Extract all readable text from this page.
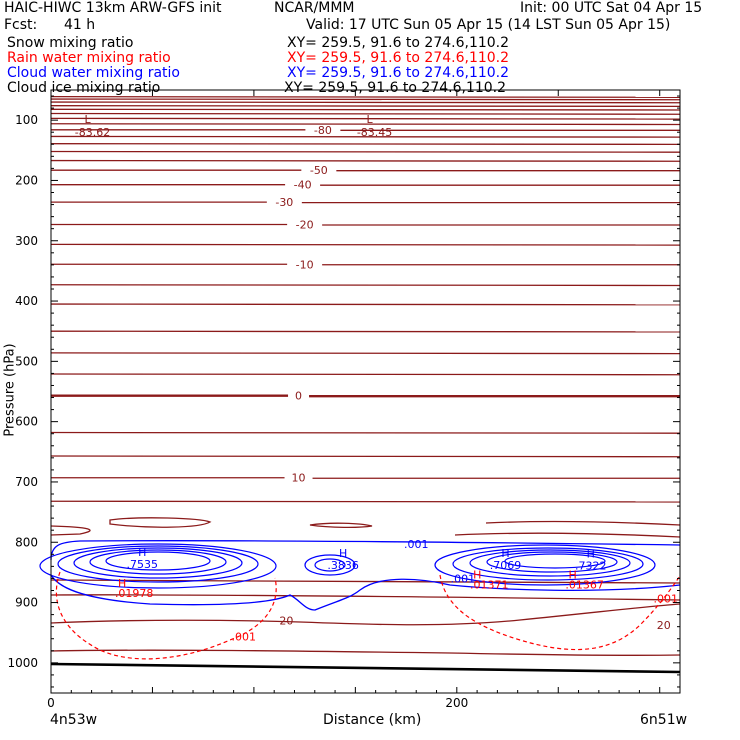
HAIC-HIWC 13km ARW-GFS init	NCAR/MMM	Init: 00 UTC Sat 04 Apr 15
Fcst: 41 h	Valid: 17 UTC Sun 05 Apr 15 (14 LST Sun 05 Apr 15)
Snow mixing ratio	XY= 259.5, 91.6 to 274.6,110.2
Rain water mixing ratio	XY= 259.5, 91.6 to 274.6,110.2
Cloud water mixing ratio	XY= 259.5, 91.6 to 274.6,110.2
Cloud ice mixing ratio	XY= 259.5, 91.6 to 274.6,110.2
-80
-50
-40
-30
-20
-10
0
10
L
-83.62
L
-83.45
H
.7535
H
.3836
H
.7069
H
.7322
H
.01978
H
.01371
H
.01367
.001
.001
.001
.001
20	20
100
200
300
400
500
600
700
800
900
1000
0	200
Distance (km)
4n53w	6n51w
Pressure (hPa)
